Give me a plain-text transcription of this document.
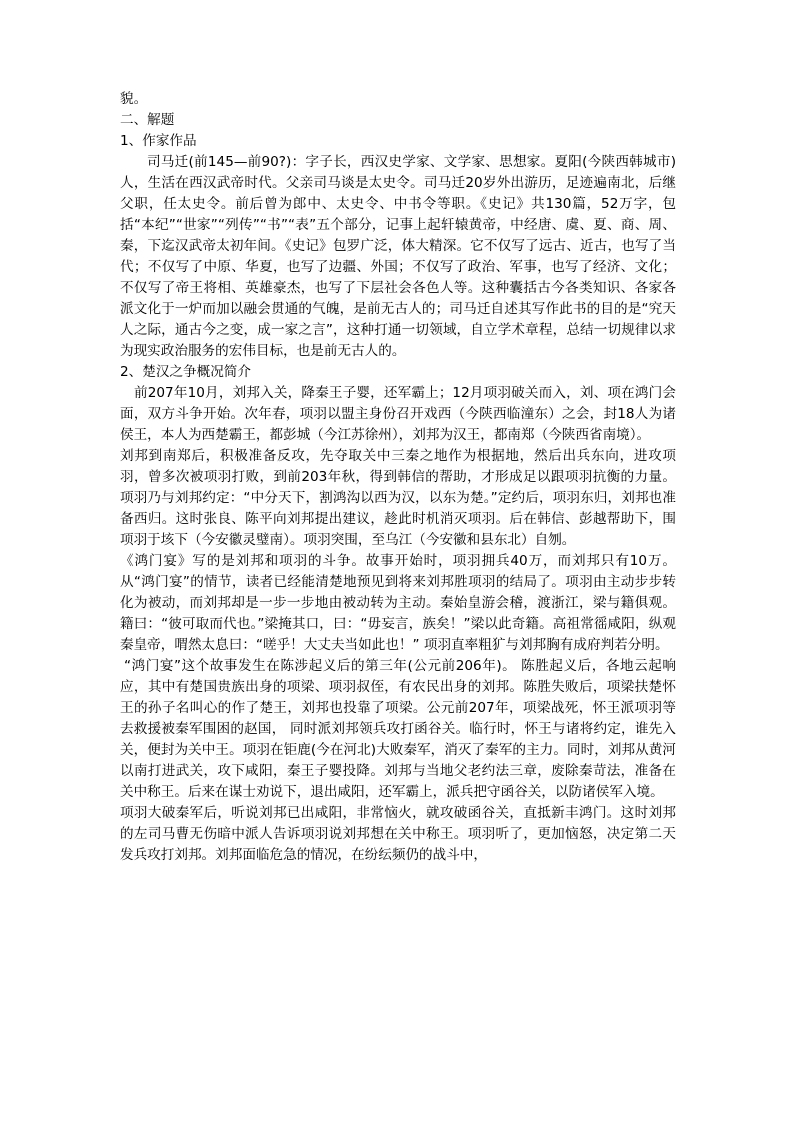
貌。

二、解题

1、作家作品

司马迁(前145—前90?)：字子长，西汉史学家、文学家、思想家。夏阳(今陕西韩城市)人，生活在西汉武帝时代。父亲司马谈是太史令。司马迁20岁外出游历，足迹遍南北，后继父职，任太史令。前后曾为郎中、太史令、中书令等职。《史记》共130篇，52万字，包括“本纪”“世家”“列传”“书”“表”五个部分，记事上起轩辕黄帝，中经唐、虞、夏、商、周、秦，下迄汉武帝太初年间。《史记》包罗广泛，体大精深。它不仅写了远古、近古，也写了当代；不仅写了中原、华夏，也写了边疆、外国；不仅写了政治、军事，也写了经济、文化；不仅写了帝王将相、英雄豪杰，也写了下层社会各色人等。这种囊括古今各类知识、各家各派文化于一炉而加以融会贯通的气魄，是前无古人的；司马迁自述其写作此书的目的是“究天人之际，通古今之变，成一家之言”，这种打通一切领域，自立学术章程，总结一切规律以求为现实政治服务的宏伟目标，也是前无古人的。

2、楚汉之争概况简介

前207年10月，刘邦入关，降秦王子婴，还军霸上；12月项羽破关而入，刘、项在鸿门会面，双方斗争开始。次年春，项羽以盟主身份召开戏西（今陕西临潼东）之会，封18人为诸侯王，本人为西楚霸王，都彭城（今江苏徐州），刘邦为汉王，都南郑（今陕西省南境）。

刘邦到南郑后，积极准备反攻，先夺取关中三秦之地作为根据地，然后出兵东向，进攻项羽，曾多次被项羽打败，到前203年秋，得到韩信的帮助，才形成足以跟项羽抗衡的力量。项羽乃与刘邦约定：“中分天下，割鸿沟以西为汉，以东为楚。”定约后，项羽东归，刘邦也准备西归。这时张良、陈平向刘邦提出建议，趁此时机消灭项羽。后在韩信、彭越帮助下，围项羽于垓下（今安徽灵璧南）。项羽突围，至乌江（今安徽和县东北）自刎。

《鸿门宴》写的是刘邦和项羽的斗争。故事开始时，项羽拥兵40万，而刘邦只有10万。从“鸿门宴”的情节，读者已经能清楚地预见到将来刘邦胜项羽的结局了。项羽由主动步步转化为被动，而刘邦却是一步一步地由被动转为主动。秦始皇游会稽，渡浙江，梁与籍俱观。籍曰：“彼可取而代也。”梁掩其口，曰：“毋妄言，族矣！”梁以此奇籍。高祖常徭咸阳，纵观秦皇帝，喟然太息曰：“嗟乎！大丈夫当如此也！” 项羽直率粗犷与刘邦胸有成府判若分明。

“鸿门宴”这个故事发生在陈涉起义后的第三年(公元前206年)。 陈胜起义后，各地云起响应，其中有楚国贵族出身的项梁、项羽叔侄，有农民出身的刘邦。陈胜失败后，项梁扶楚怀王的孙子名叫心的作了楚王，刘邦也投靠了项梁。公元前207年，项梁战死，怀王派项羽等去救援被秦军围困的赵国， 同时派刘邦领兵攻打函谷关。临行时，怀王与诸将约定，谁先入关，便封为关中王。项羽在钜鹿(今在河北)大败秦军，消灭了秦军的主力。同时，刘邦从黄河以南打进武关，攻下咸阳，秦王子婴投降。刘邦与当地父老约法三章，废除秦苛法，准备在关中称王。后来在谋士劝说下，退出咸阳，还军霸上，派兵把守函谷关，以防诸侯军入境。

项羽大破秦军后，听说刘邦已出咸阳，非常恼火，就攻破函谷关，直抵新丰鸿门。这时刘邦的左司马曹无伤暗中派人告诉项羽说刘邦想在关中称王。项羽听了，更加恼怒，决定第二天发兵攻打刘邦。刘邦面临危急的情况，在纷纭频仍的战斗中，
